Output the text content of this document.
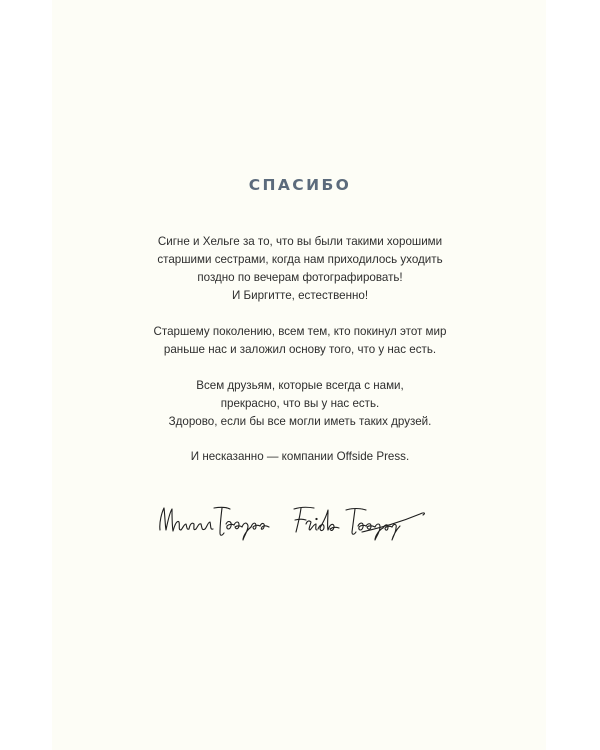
СПАСИБО
Сигне и Хельге за то, что вы были такими хорошими
старшими сестрами, когда нам приходилось уходить
поздно по вечерам фотографировать!
И Биргитте, естественно!
Старшему поколению, всем тем, кто покинул этот мир
раньше нас и заложил основу того, что у нас есть.
Всем друзьям, которые всегда с нами,
прекрасно, что вы у нас есть.
Здорово, если бы все могли иметь таких друзей.
И несказанно — компании Offside Press.
